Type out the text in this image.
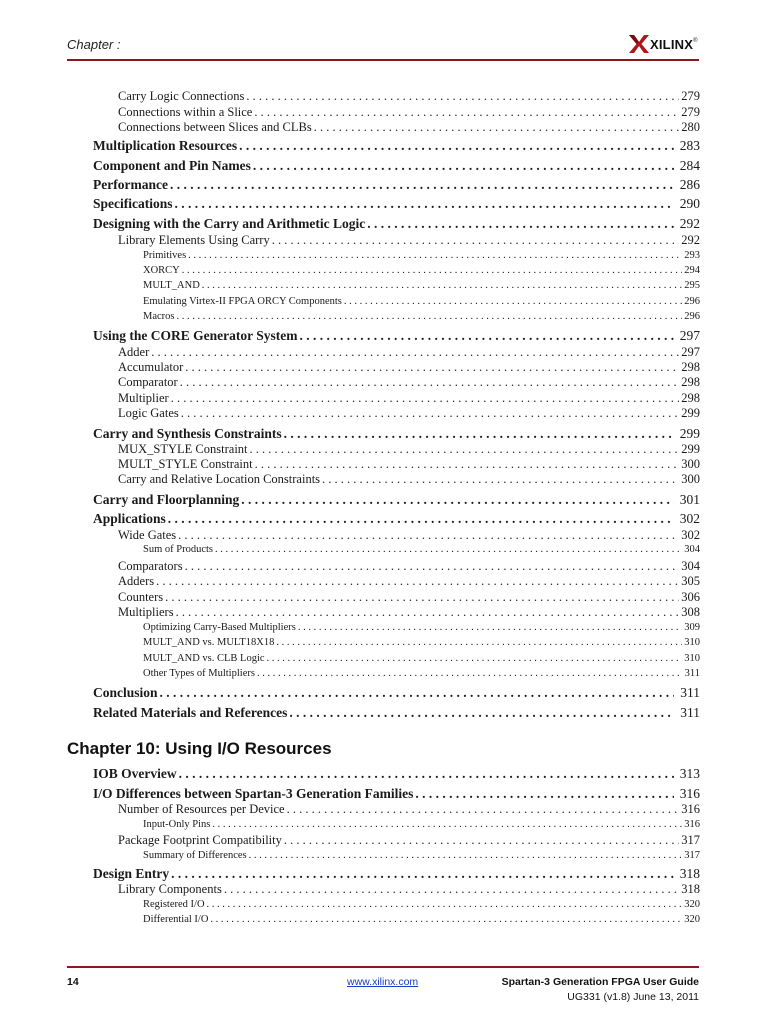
Chapter :	XILINX ®
Carry Logic Connections . . .	279
Connections within a Slice . . .	279
Connections between Slices and CLBs . . .	280
Multiplication Resources . . .	283
Component and Pin Names . . .	284
Performance . . .	286
Specifications . . .	290
Designing with the Carry and Arithmetic Logic . . .	292
Library Elements Using Carry . . .	292
Primitives . . .	293
XORCY . . .	294
MULT_AND . . .	295
Emulating Virtex-II FPGA ORCY Components . . .	296
Macros . . .	296
Using the CORE Generator System . . .	297
Adder . . .	297
Accumulator . . .	298
Comparator . . .	298
Multiplier . . .	298
Logic Gates . . .	299
Carry and Synthesis Constraints . . .	299
MUX_STYLE Constraint . . .	299
MULT_STYLE Constraint . . .	300
Carry and Relative Location Constraints . . .	300
Carry and Floorplanning . . .	301
Applications . . .	302
Wide Gates . . .	302
Sum of Products . . .	304
Comparators . . .	304
Adders . . .	305
Counters . . .	306
Multipliers . . .	308
Optimizing Carry-Based Multipliers . . .	309
MULT_AND vs. MULT18X18 . . .	310
MULT_AND vs. CLB Logic . . .	310
Other Types of Multipliers . . .	311
Conclusion . . .	311
Related Materials and References . . .	311
Chapter 10: Using I/O Resources
IOB Overview . . .	313
I/O Differences between Spartan-3 Generation Families . . .	316
Number of Resources per Device . . .	316
Input-Only Pins . . .	316
Package Footprint Compatibility . . .	317
Summary of Differences . . .	317
Design Entry . . .	318
Library Components . . .	318
Registered I/O . . .	320
Differential I/O . . .	320
14	www.xilinx.com	Spartan-3 Generation FPGA User Guide
UG331 (v1.8) June 13, 2011
